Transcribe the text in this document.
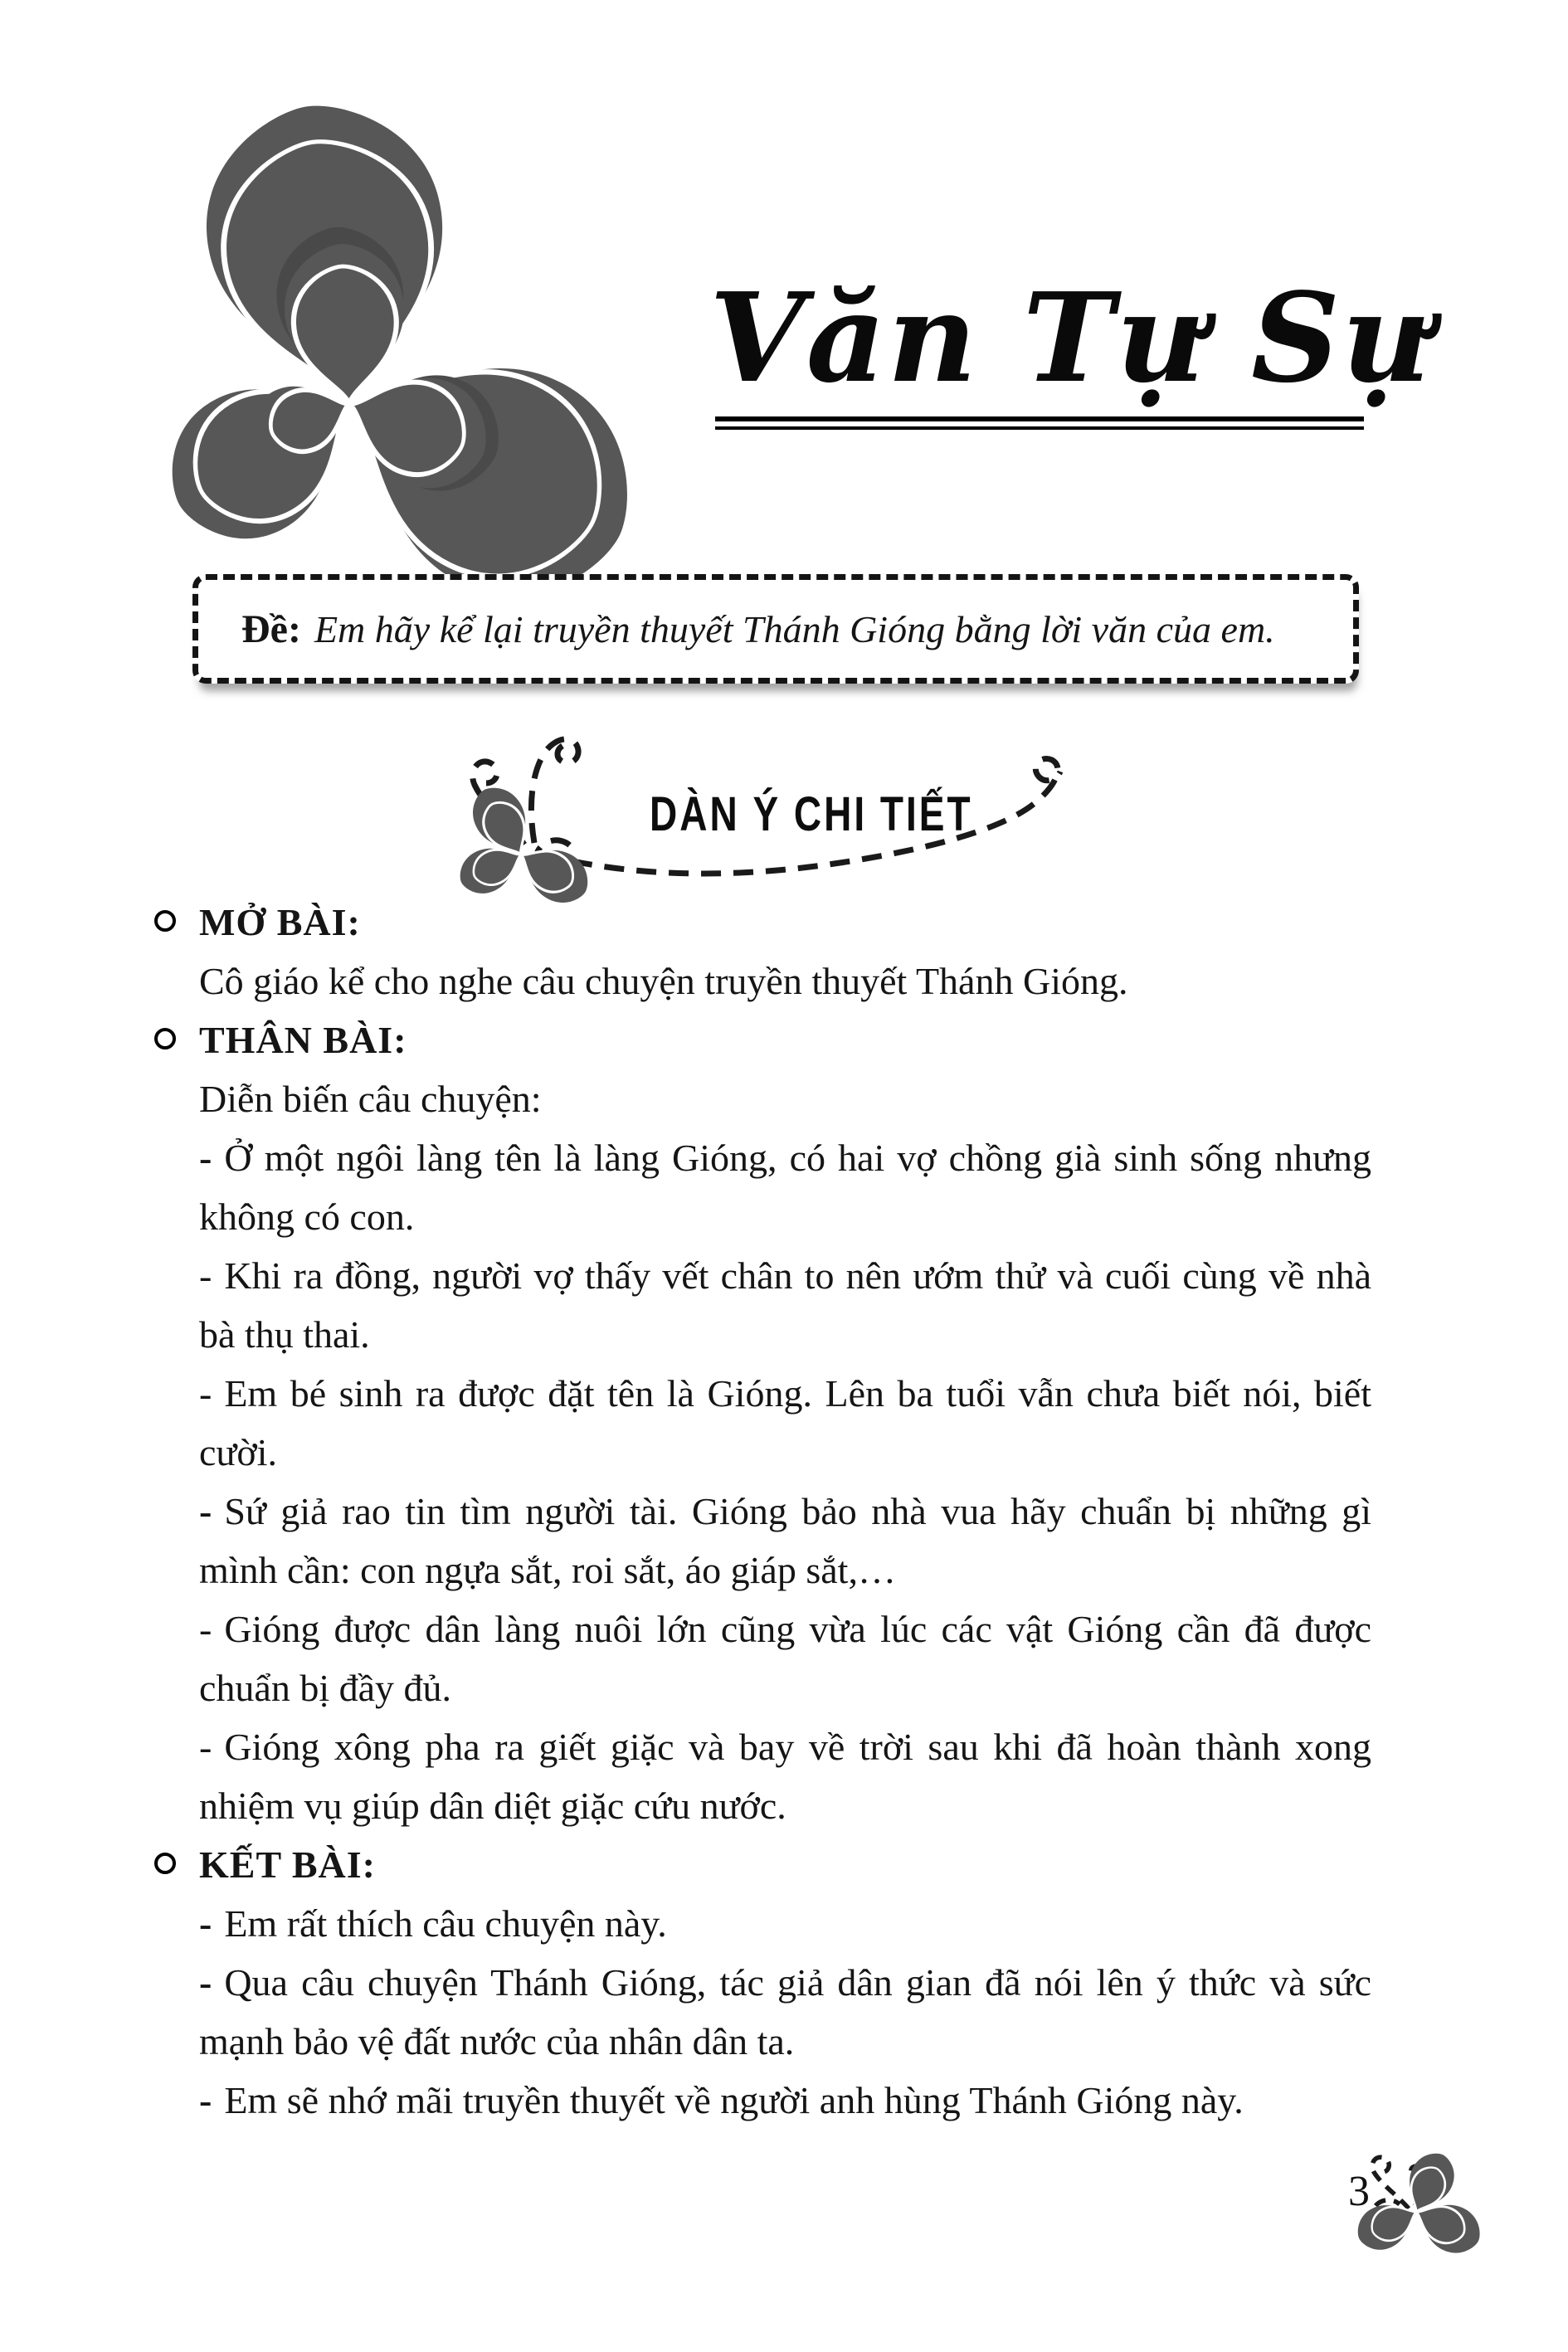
Văn Tự Sự
Đề: Em hãy kể lại truyền thuyết Thánh Gióng bằng lời văn của em.
DÀN Ý CHI TIẾT
MỞ BÀI:

Cô giáo kể cho nghe câu chuyện truyền thuyết Thánh Gióng.

THÂN BÀI:

Diễn biến câu chuyện:

- Ở một ngôi làng tên là làng Gióng, có hai vợ chồng già sinh sống nhưng không có con.

- Khi ra đồng, người vợ thấy vết chân to nên ướm thử và cuối cùng về nhà bà thụ thai.

- Em bé sinh ra được đặt tên là Gióng. Lên ba tuổi vẫn chưa biết nói, biết cười.

- Sứ giả rao tin tìm người tài. Gióng bảo nhà vua hãy chuẩn bị những gì mình cần: con ngựa sắt, roi sắt, áo giáp sắt,…

- Gióng được dân làng nuôi lớn cũng vừa lúc các vật Gióng cần đã được chuẩn bị đầy đủ.

- Gióng xông pha ra giết giặc và bay về trời sau khi đã hoàn thành xong nhiệm vụ giúp dân diệt giặc cứu nước.

KẾT BÀI:

- Em rất thích câu chuyện này.

- Qua câu chuyện Thánh Gióng, tác giả dân gian đã nói lên ý thức và sức mạnh bảo vệ đất nước của nhân dân ta.

- Em sẽ nhớ mãi truyền thuyết về người anh hùng Thánh Gióng này.

3
